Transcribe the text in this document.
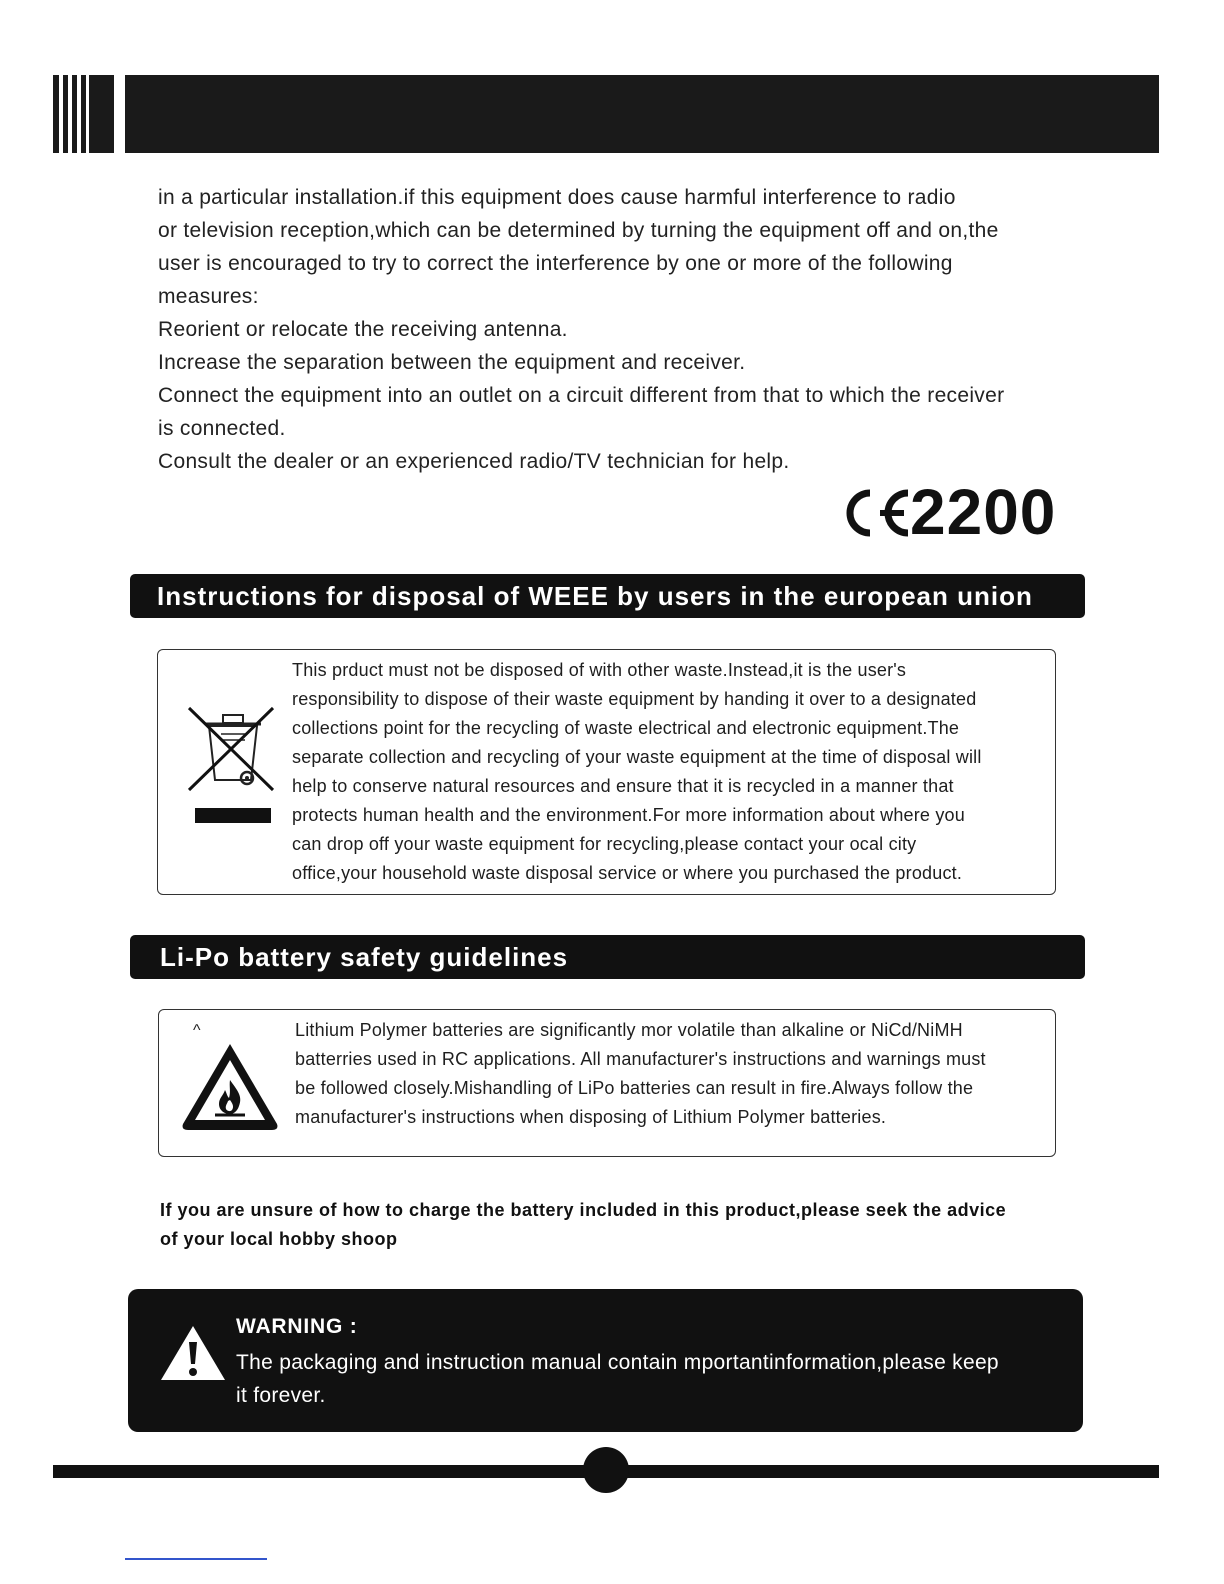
in a particular installation.if this equipment does cause harmful interference to radio

or television reception,which can be determined by turning the equipment off and on,the

user is encouraged to try to correct the interference by one or more of the following

measures:

Reorient or relocate the receiving antenna.

Increase the separation between the equipment and receiver.

Connect the equipment into an outlet on a circuit different from that to which the receiver

is connected.

Consult the dealer or an experienced radio/TV technician for help.

2200
Instructions for disposal of WEEE by users in the european union

This prduct must not be disposed of with other waste.Instead,it is the user's

responsibility to dispose of their waste equipment by handing it over to a designated

collections point for the recycling of waste electrical and electronic equipment.The

separate collection and recycling of your waste equipment at the time of disposal will

help to conserve natural resources and ensure that it is recycled in a manner that

protects human health and the environment.For more information about where you

can drop off your waste equipment for recycling,please contact your ocal city

office,your household waste disposal service or where you purchased the product.

Li-Po battery safety guidelines
^	Lithium Polymer batteries are significantly mor volatile than alkaline or NiCd/NiMH

batterries used in RC applications. All manufacturer's instructions and warnings must

be followed closely.Mishandling of LiPo batteries can result in fire.Always follow the

manufacturer's instructions when disposing of Lithium Polymer batteries.

If you are unsure of how to charge the battery included in this product,please seek the advice

of your local hobby shoop

WARNING :

The packaging and instruction manual contain mportantinformation,please keep

it forever.
